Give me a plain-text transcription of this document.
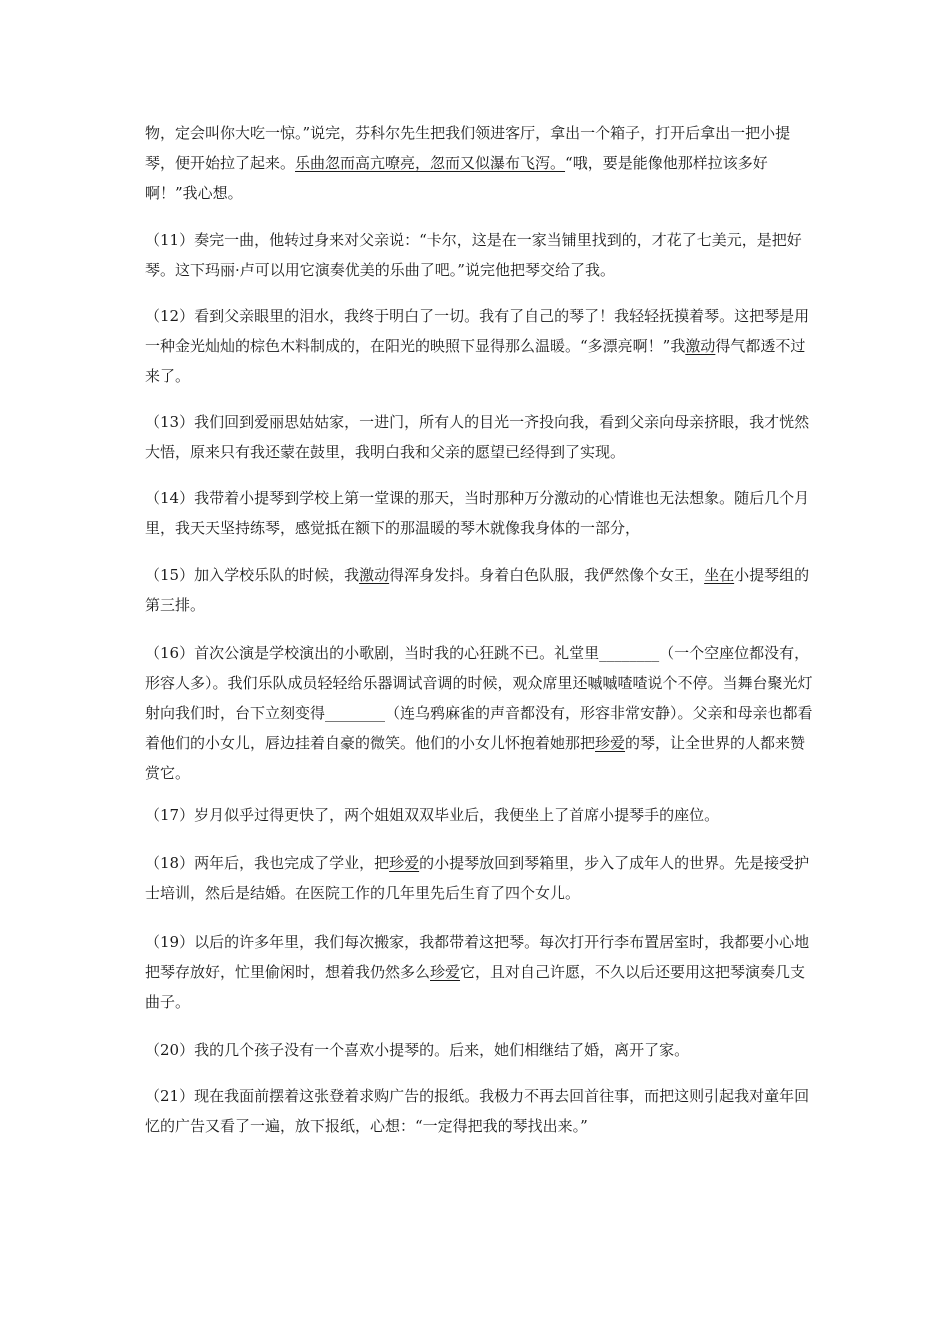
物，定会叫你大吃一惊。”说完，芬科尔先生把我们领进客厅，拿出一个箱子，打开后拿出一把小提琴，便开始拉了起来。乐曲忽而高亢嘹亮，忽而又似瀑布飞泻。“哦，要是能像他那样拉该多好啊！”我心想。

（11）奏完一曲，他转过身来对父亲说：“卡尔，这是在一家当铺里找到的，才花了七美元，是把好琴。这下玛丽·卢可以用它演奏优美的乐曲了吧。”说完他把琴交给了我。

（12）看到父亲眼里的泪水，我终于明白了一切。我有了自己的琴了！我轻轻抚摸着琴。这把琴是用一种金光灿灿的棕色木料制成的，在阳光的映照下显得那么温暖。“多漂亮啊！”我激动得气都透不过来了。

（13）我们回到爱丽思姑姑家，一进门，所有人的目光一齐投向我，看到父亲向母亲挤眼，我才恍然大悟，原来只有我还蒙在鼓里，我明白我和父亲的愿望已经得到了实现。

（14）我带着小提琴到学校上第一堂课的那天，当时那种万分激动的心情谁也无法想象。随后几个月里，我天天坚持练琴，感觉抵在额下的那温暖的琴木就像我身体的一部分，

（15）加入学校乐队的时候，我激动得浑身发抖。身着白色队服，我俨然像个女王，坐在小提琴组的第三排。

（16）首次公演是学校演出的小歌剧，当时我的心狂跳不已。礼堂里________（一个空座位都没有，形容人多）。我们乐队成员轻轻给乐器调试音调的时候，观众席里还嘁嘁喳喳说个不停。当舞台聚光灯射向我们时，台下立刻变得________（连乌鸦麻雀的声音都没有，形容非常安静）。父亲和母亲也都看着他们的小女儿，唇边挂着自豪的微笑。他们的小女儿怀抱着她那把珍爱的琴，让全世界的人都来赞赏它。

（17）岁月似乎过得更快了，两个姐姐双双毕业后，我便坐上了首席小提琴手的座位。

（18）两年后，我也完成了学业，把珍爱的小提琴放回到琴箱里，步入了成年人的世界。先是接受护士培训，然后是结婚。在医院工作的几年里先后生育了四个女儿。

（19）以后的许多年里，我们每次搬家，我都带着这把琴。每次打开行李布置居室时，我都要小心地把琴存放好，忙里偷闲时，想着我仍然多么珍爱它，且对自己许愿，不久以后还要用这把琴演奏几支曲子。

（20）我的几个孩子没有一个喜欢小提琴的。后来，她们相继结了婚，离开了家。

（21）现在我面前摆着这张登着求购广告的报纸。我极力不再去回首往事，而把这则引起我对童年回忆的广告又看了一遍，放下报纸，心想：“一定得把我的琴找出来。”
